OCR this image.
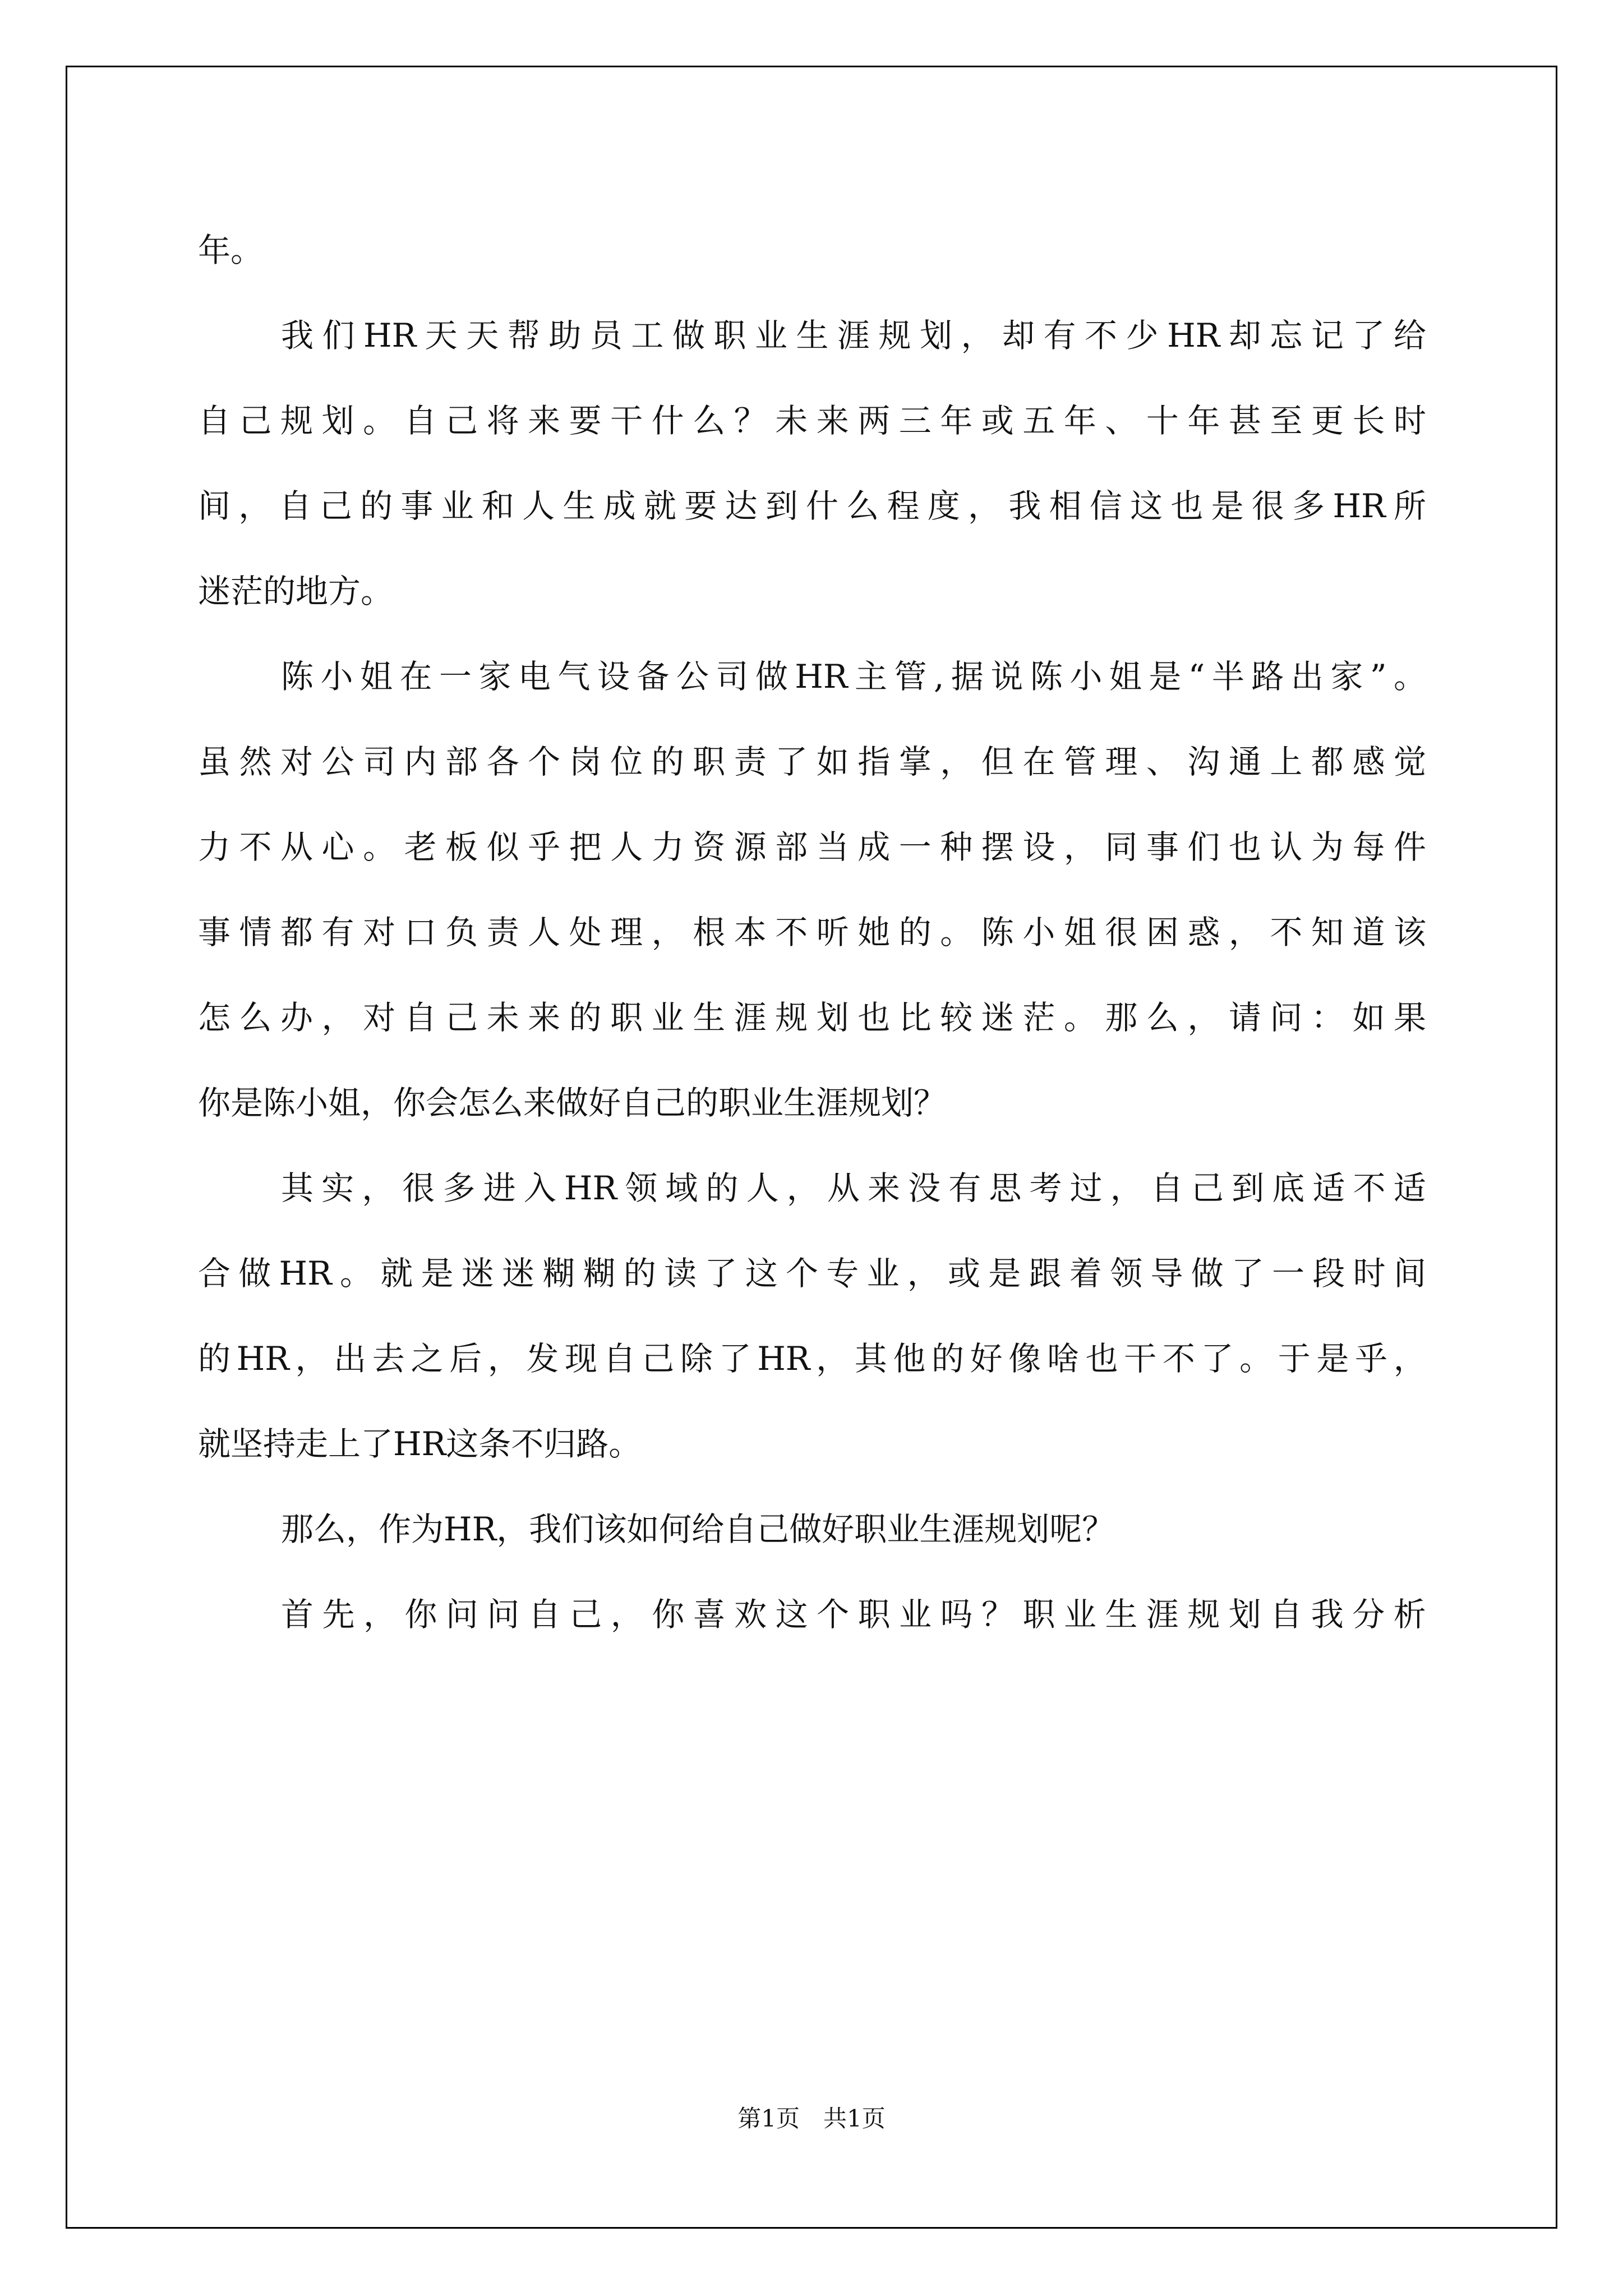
年。
我 们 HR 天 天 帮 助 员 工 做 职 业 生 涯 规 划 ， 却 有 不 少 HR 却 忘 记 了 给
自 己 规 划 。 自 己 将 来 要 干 什 么 ？ 未 来 两 三 年 或 五 年 、 十 年 甚 至 更 长 时
间 ， 自 己 的 事 业 和 人 生 成 就 要 达 到 什 么 程 度 ， 我 相 信 这 也 是 很 多 HR 所
迷茫的地方。
陈 小 姐 在 一 家 电 气 设 备 公 司 做 HR 主 管 , 据 说 陈 小 姐 是 “ 半 路 出 家 ” 。
虽 然 对 公 司 内 部 各 个 岗 位 的 职 责 了 如 指 掌 ， 但 在 管 理 、 沟 通 上 都 感 觉
力 不 从 心 。 老 板 似 乎 把 人 力 资 源 部 当 成 一 种 摆 设 ， 同 事 们 也 认 为 每 件
事 情 都 有 对 口 负 责 人 处 理 ， 根 本 不 听 她 的 。 陈 小 姐 很 困 惑 ， 不 知 道 该
怎 么 办 ， 对 自 己 未 来 的 职 业 生 涯 规 划 也 比 较 迷 茫 。 那 么 ， 请 问 ： 如 果
你是陈小姐，你会怎么来做好自己的职业生涯规划？
其 实 ， 很 多 进 入 HR 领 域 的 人 ， 从 来 没 有 思 考 过 ， 自 己 到 底 适 不 适
合 做 HR 。 就 是 迷 迷 糊 糊 的 读 了 这 个 专 业 ， 或 是 跟 着 领 导 做 了 一 段 时 间
的 HR ， 出 去 之 后 ， 发 现 自 己 除 了 HR ， 其 他 的 好 像 啥 也 干 不 了 。 于 是 乎 ，
就坚持走上了HR这条不归路。
那么，作为HR，我们该如何给自己做好职业生涯规划呢？
首 先 ， 你 问 问 自 己 ， 你 喜 欢 这 个 职 业 吗 ？ 职 业 生 涯 规 划 自 我 分 析
第1页　共1页
